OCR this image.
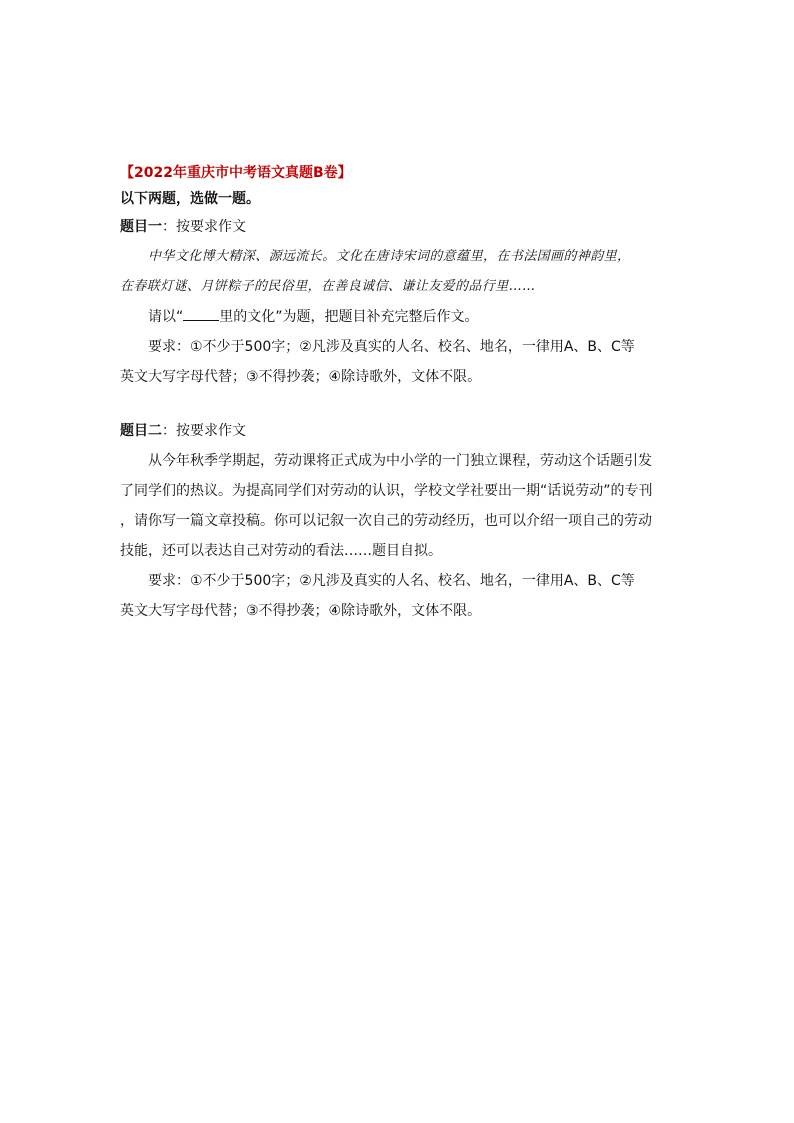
【2022年重庆市中考语文真题B卷】

以下两题，选做一题。

题目一：按要求作文

中华文化博大精深、源远流长。文化在唐诗宋词的意蕴里，在书法国画的神韵里，
在春联灯谜、月饼粽子的民俗里，在善良诚信、谦让友爱的品行里……

请以“	里的文化”为题，把题目补充完整后作文。

要求：①不少于500字；②凡涉及真实的人名、校名、地名，一律用A、B、C等
英文大写字母代替；③不得抄袭；④除诗歌外，文体不限。

题目二：按要求作文

从今年秋季学期起，劳动课将正式成为中小学的一门独立课程，劳动这个话题引发
了同学们的热议。为提高同学们对劳动的认识，学校文学社要出一期“话说劳动”的专刊
，请你写一篇文章投稿。你可以记叙一次自己的劳动经历，也可以介绍一项自己的劳动
技能，还可以表达自己对劳动的看法……题目自拟。

要求：①不少于500字；②凡涉及真实的人名、校名、地名，一律用A、B、C等
英文大写字母代替；③不得抄袭；④除诗歌外，文体不限。
